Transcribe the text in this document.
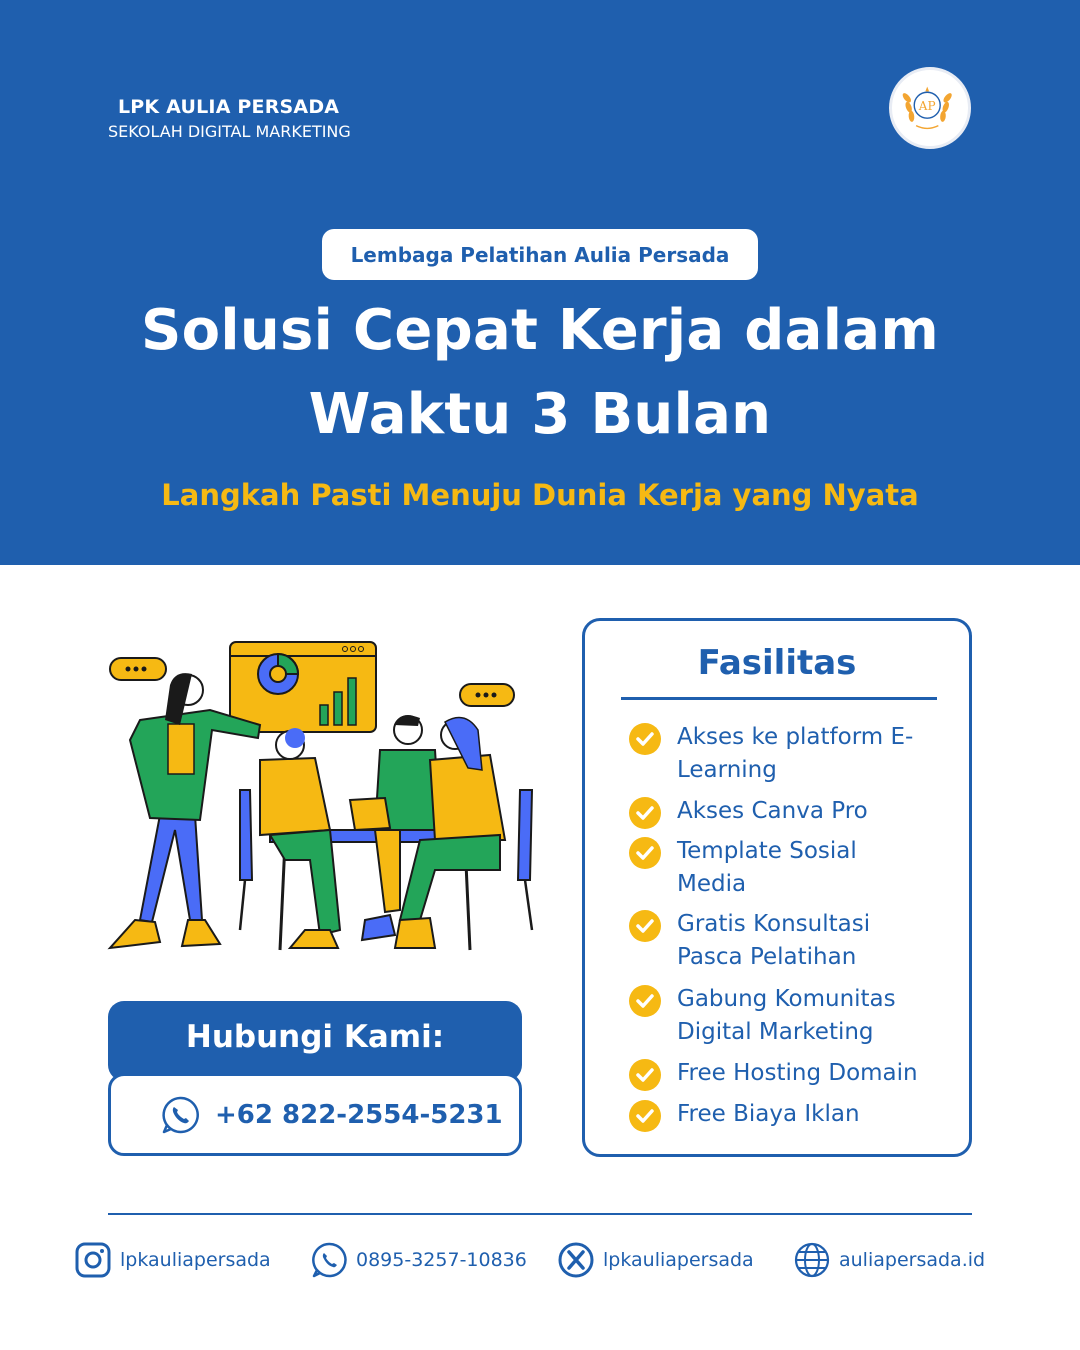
LPK AULIA PERSADA
SEKOLAH DIGITAL MARKETING
AP
Lembaga Pelatihan Aulia Persada
Solusi Cepat Kerja dalam
Waktu 3 Bulan
Langkah Pasti Menuju Dunia Kerja yang Nyata
Hubungi Kami:
+62 822-2554-5231
Fasilitas
Akses ke platform E-
Learning
Akses Canva Pro
Template Sosial
Media
Gratis Konsultasi
Pasca Pelatihan
Gabung Komunitas
Digital Marketing
Free Hosting Domain
Free Biaya Iklan
lpkauliapersada	0895-3257-10836	lpkauliapersada	auliapersada.id
